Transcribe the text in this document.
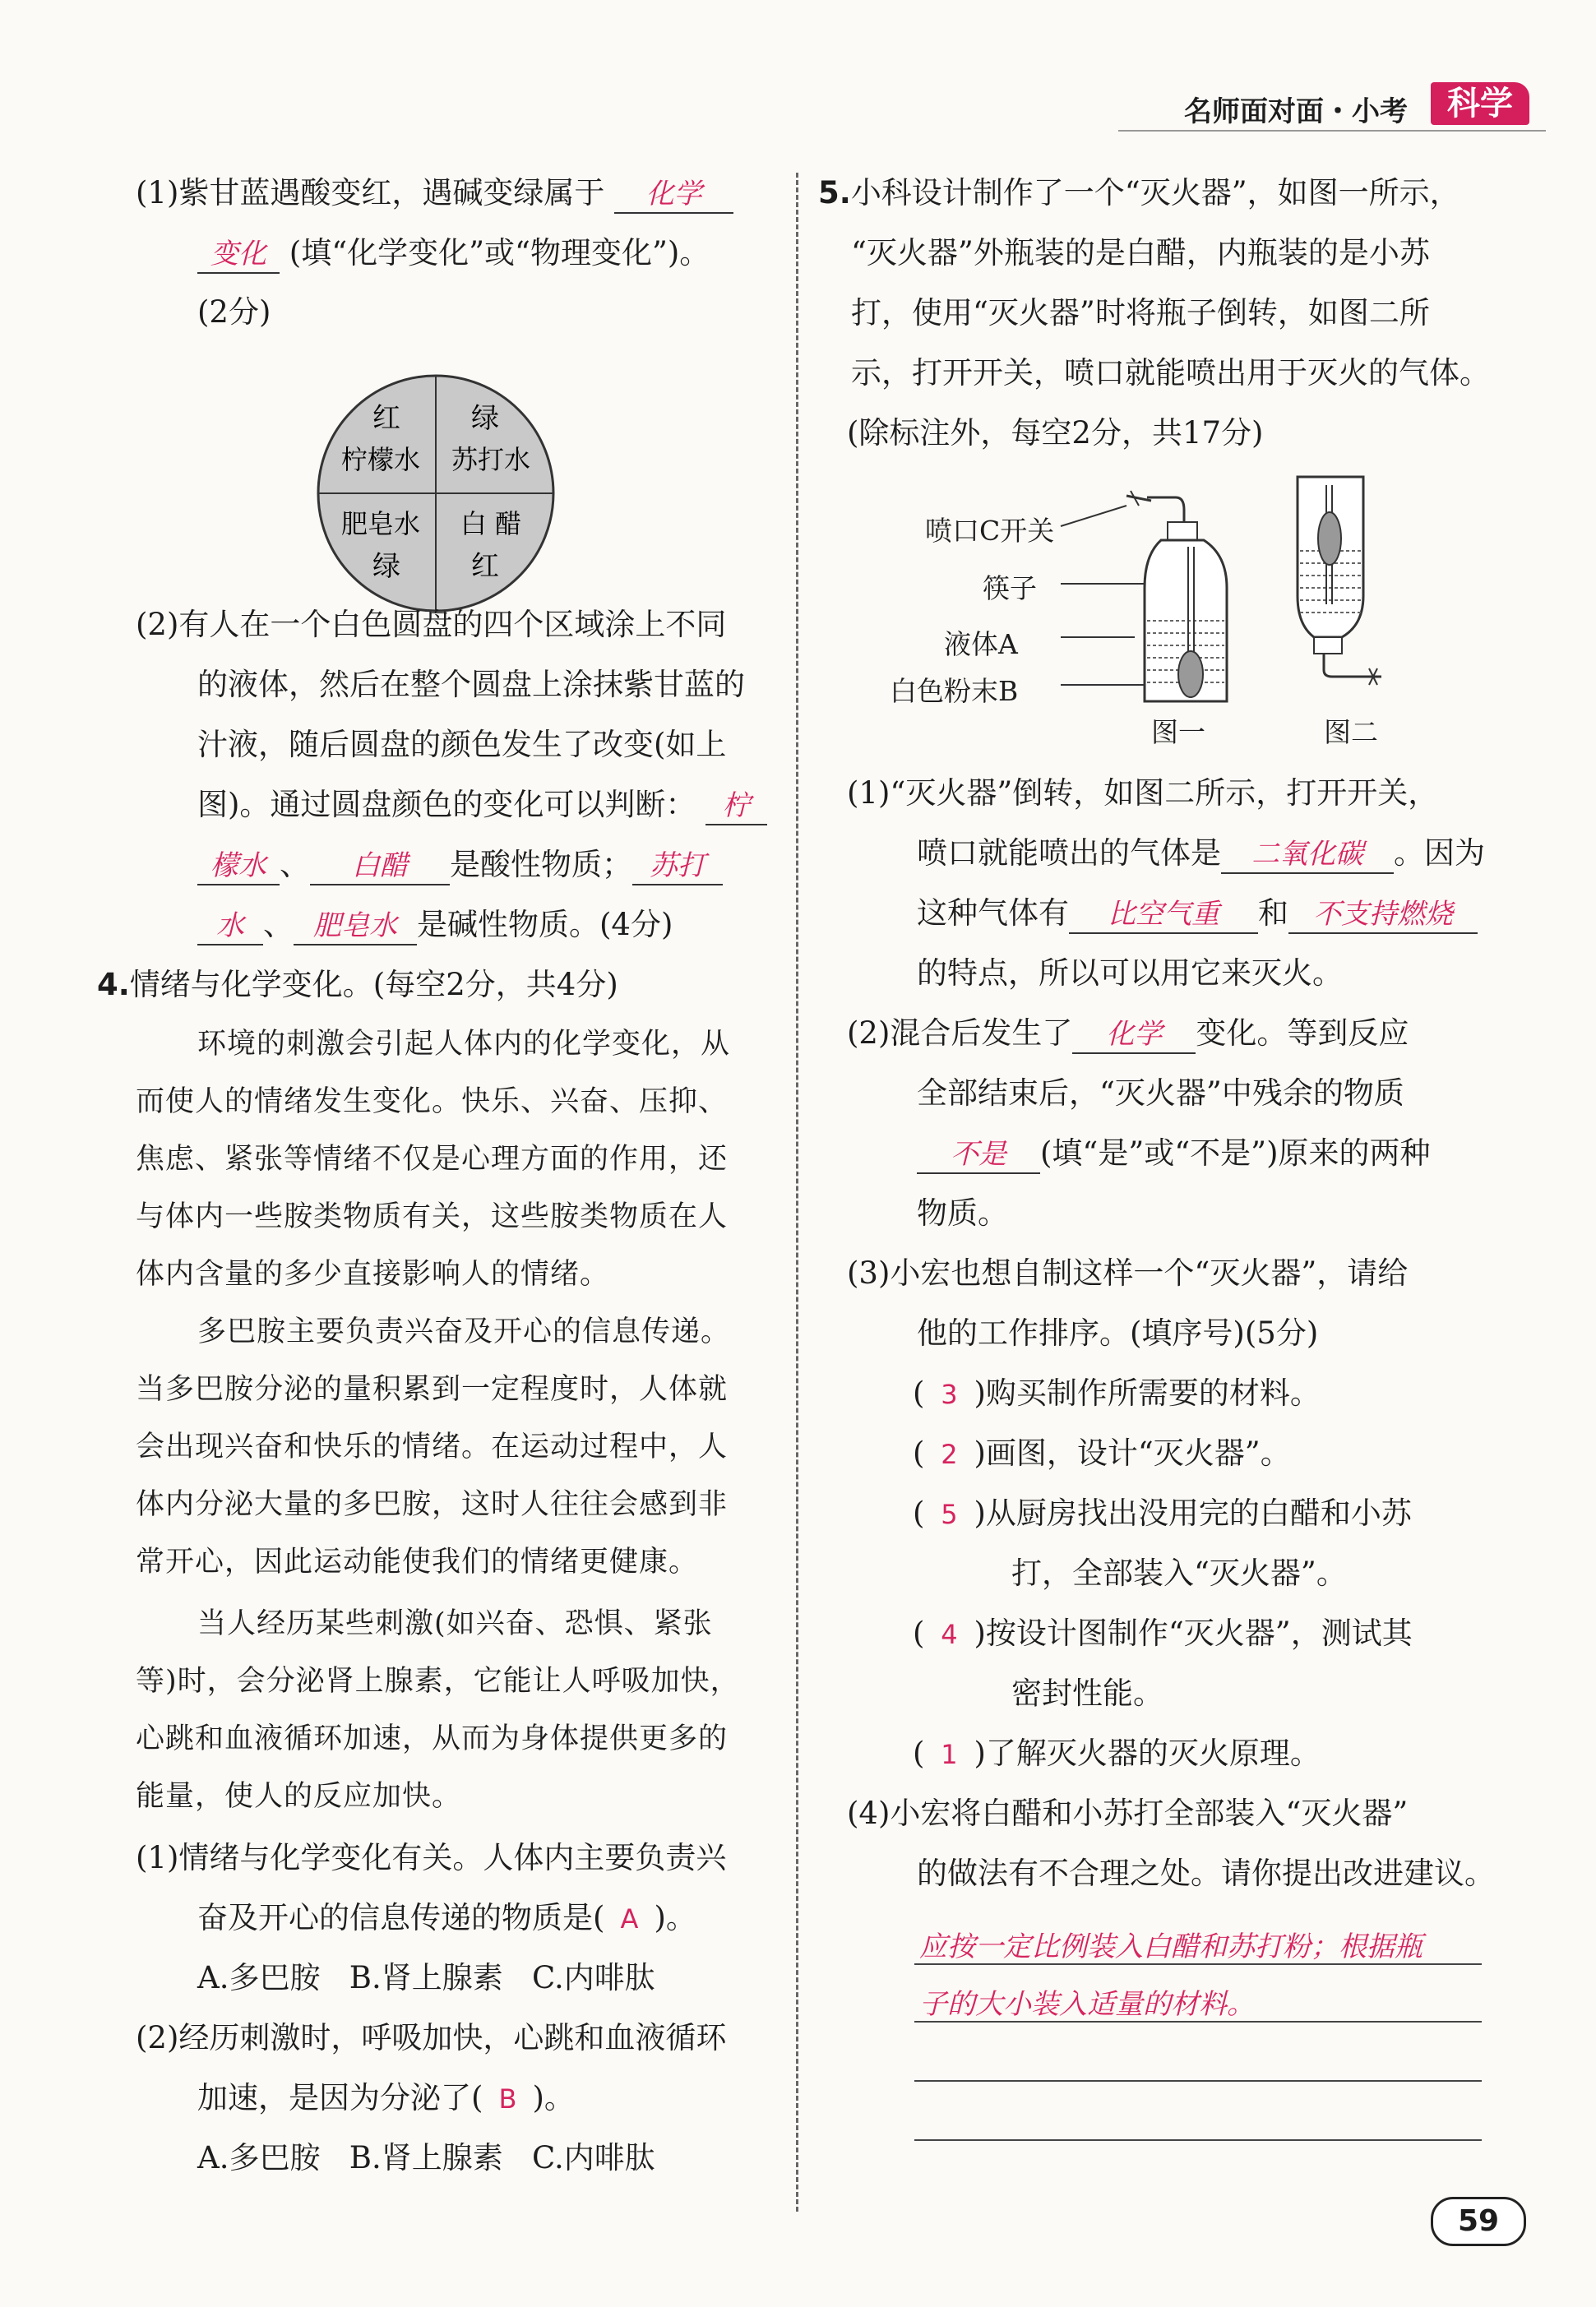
名师面对面・小考	科学
(1)紫甘蓝遇酸变红，遇碱变绿属于 化学
变化 (填“化学变化”或“物理变化”)。
(2分)
红
柠檬水
绿
苏打水
肥皂水
绿
白 醋
红
(2)有人在一个白色圆盘的四个区域涂上不同
的液体，然后在整个圆盘上涂抹紫甘蓝的
汁液，随后圆盘的颜色发生了改变(如上
图)。通过圆盘颜色的变化可以判断： 柠
檬水 、 白醋 是酸性物质； 苏打
水 、 肥皂水 是碱性物质。(4分)
4.情绪与化学变化。(每空2分，共4分)
环境的刺激会引起人体内的化学变化，从
而使人的情绪发生变化。快乐、兴奋、压抑、
焦虑、紧张等情绪不仅是心理方面的作用，还
与体内一些胺类物质有关，这些胺类物质在人
体内含量的多少直接影响人的情绪。
多巴胺主要负责兴奋及开心的信息传递。
当多巴胺分泌的量积累到一定程度时，人体就
会出现兴奋和快乐的情绪。在运动过程中，人
体内分泌大量的多巴胺，这时人往往会感到非
常开心，因此运动能使我们的情绪更健康。
当人经历某些刺激(如兴奋、恐惧、紧张
等)时，会分泌肾上腺素，它能让人呼吸加快，
心跳和血液循环加速，从而为身体提供更多的
能量，使人的反应加快。
(1)情绪与化学变化有关。人体内主要负责兴
奋及开心的信息传递的物质是( A )。
A.多巴胺   B.肾上腺素   C.内啡肽
(2)经历刺激时，呼吸加快，心跳和血液循环
加速，是因为分泌了( B )。
A.多巴胺   B.肾上腺素   C.内啡肽
5.小科设计制作了一个“灭火器”，如图一所示，
“灭火器”外瓶装的是白醋，内瓶装的是小苏
打，使用“灭火器”时将瓶子倒转，如图二所
示，打开开关，喷口就能喷出用于灭火的气体。
(除标注外，每空2分，共17分)
喷口C开关
筷子
液体A
白色粉末B
图一	图二
(1)“灭火器”倒转，如图二所示，打开开关，
喷口就能喷出的气体是 二氧化碳 。因为
这种气体有 比空气重 和 不支持燃烧
的特点，所以可以用它来灭火。
(2)混合后发生了 化学 变化。等到反应
全部结束后，“灭火器”中残余的物质
不是 (填“是”或“不是”)原来的两种
物质。
(3)小宏也想自制这样一个“灭火器”，请给
他的工作排序。(填序号)(5分)
( 3 )购买制作所需要的材料。
( 2 )画图，设计“灭火器”。
( 5 )从厨房找出没用完的白醋和小苏
打，全部装入“灭火器”。
( 4 )按设计图制作“灭火器”，测试其
密封性能。
( 1 )了解灭火器的灭火原理。
(4)小宏将白醋和小苏打全部装入“灭火器”
的做法有不合理之处。请你提出改进建议。
应按一定比例装入白醋和苏打粉；根据瓶
子的大小装入适量的材料。
59
